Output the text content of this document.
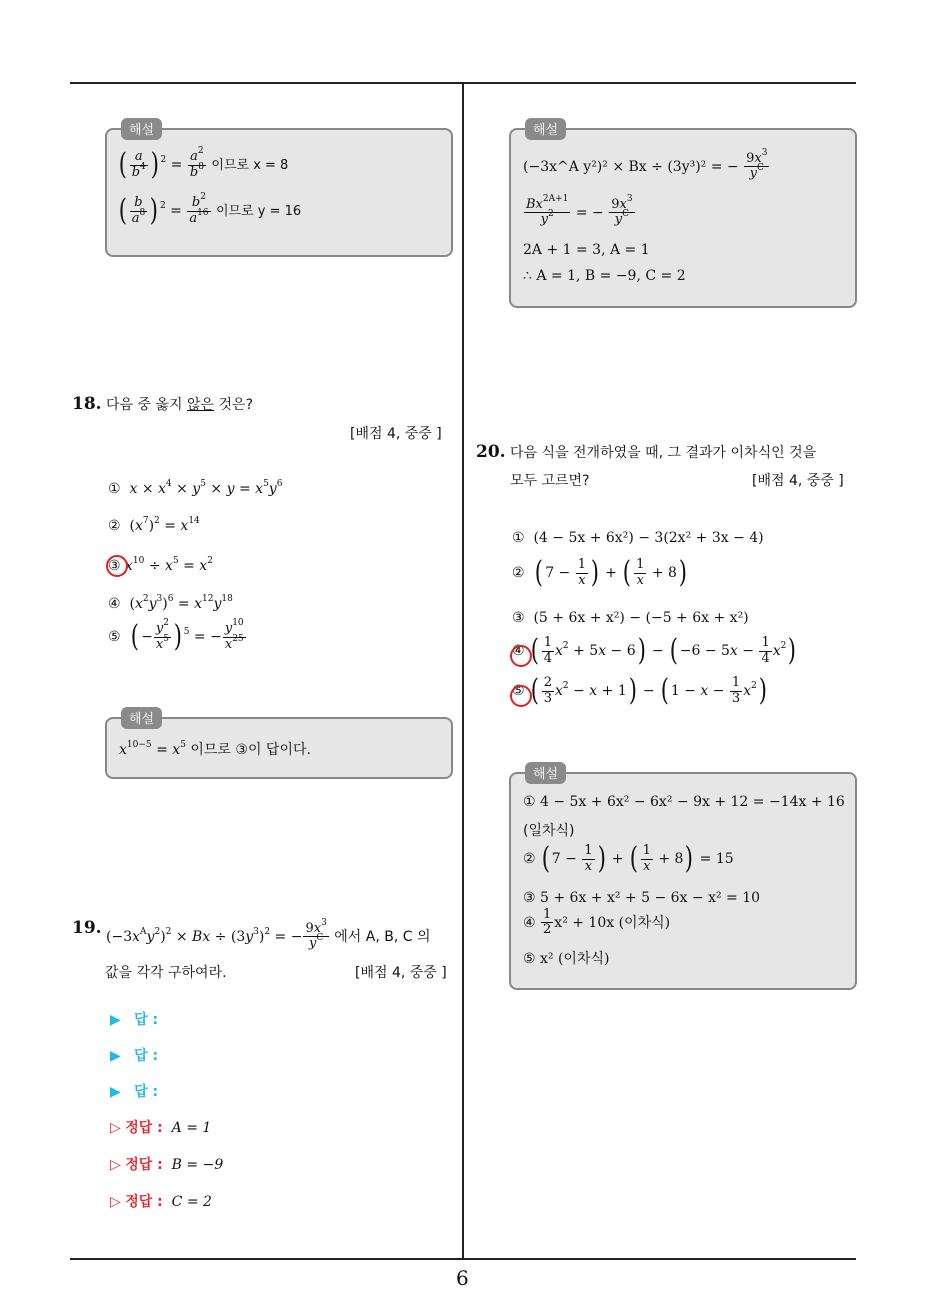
6
해설
( $\frac{a}{b^4}$ ) $^2 = \frac{a^2}{b^8}$ 이므로 x = 8
( $\frac{b}{a^8}$ ) $^2 = \frac{b^2}{a^{16}}$ 이므로 y = 16
해설
(−3x^A y²)² × Bx ÷ (3y³)² = − $\frac{9x^3}{y^C}$
$\frac{Bx^{2A+1}}{y^2}$ = − $\frac{9x^3}{y^C}$
2A + 1 = 3, A = 1
∴ A = 1, B = −9, C = 2
18. 다음 중 옳지 않은 것은?
[배점 4, 중중 ]
① $x \times x^4 \times y^5 \times y = x^5y^6$
②  $(x^7)^2 = x^{14}$
③ $x^{10} \div x^5 = x^2$
④  $(x^2y^3)^6 = x^{12}y^{18}$
⑤ ( − $\frac{y^2}{x^5}$ ) $^5$ = − $\frac{y^{10}}{x^{25}}$
해설
$x^{10-5} = x^5$ 이므로 ③이 답이다.
19. $(-3x^Ay^2)^2 \times Bx \div (3y^3)^2$ = − $\frac{9x^3}{y^C}$ 에서 A, B, C 의
값을 각각 구하여라.	[배점 4, 중중 ]
▶ 답 :
▶ 답 :
▶ 답 :
▷ 정답 : A = 1
▷ 정답 : B = −9
▷ 정답 : C = 2
20. 다음 식을 전개하였을 때, 그 결과가 이차식인 것을
모두 고르면?	[배점 4, 중중 ]
① (4 − 5x + 6x²) − 3(2x² + 3x − 4)
② ( $7 - \frac{1}{x}$ ) + ( $\frac{1}{x} + 8$)
③ (5 + 6x + x²) − (−5 + 6x + x²)
④ ( $\frac{1}{4} x^2 + 5x - 6$) − ( $-6 - 5x - \frac{1}{4} x^2$)
⑤ ( $\frac{2}{3} x^2 - x + 1$) − ( $1 - x - \frac{1}{3} x^2$)
해설
① 4 − 5x + 6x² − 6x² − 9x + 12 = −14x + 16
(일차식)
② ( $7 - \frac{1}{x}$ ) + ( $\frac{1}{x} + 8) = 15$
③ 5 + 6x + x² + 5 − 6x − x² = 10
④ $\frac{1}{2} x^2 + 10x$ (이차식)
⑤ x² (이차식)
